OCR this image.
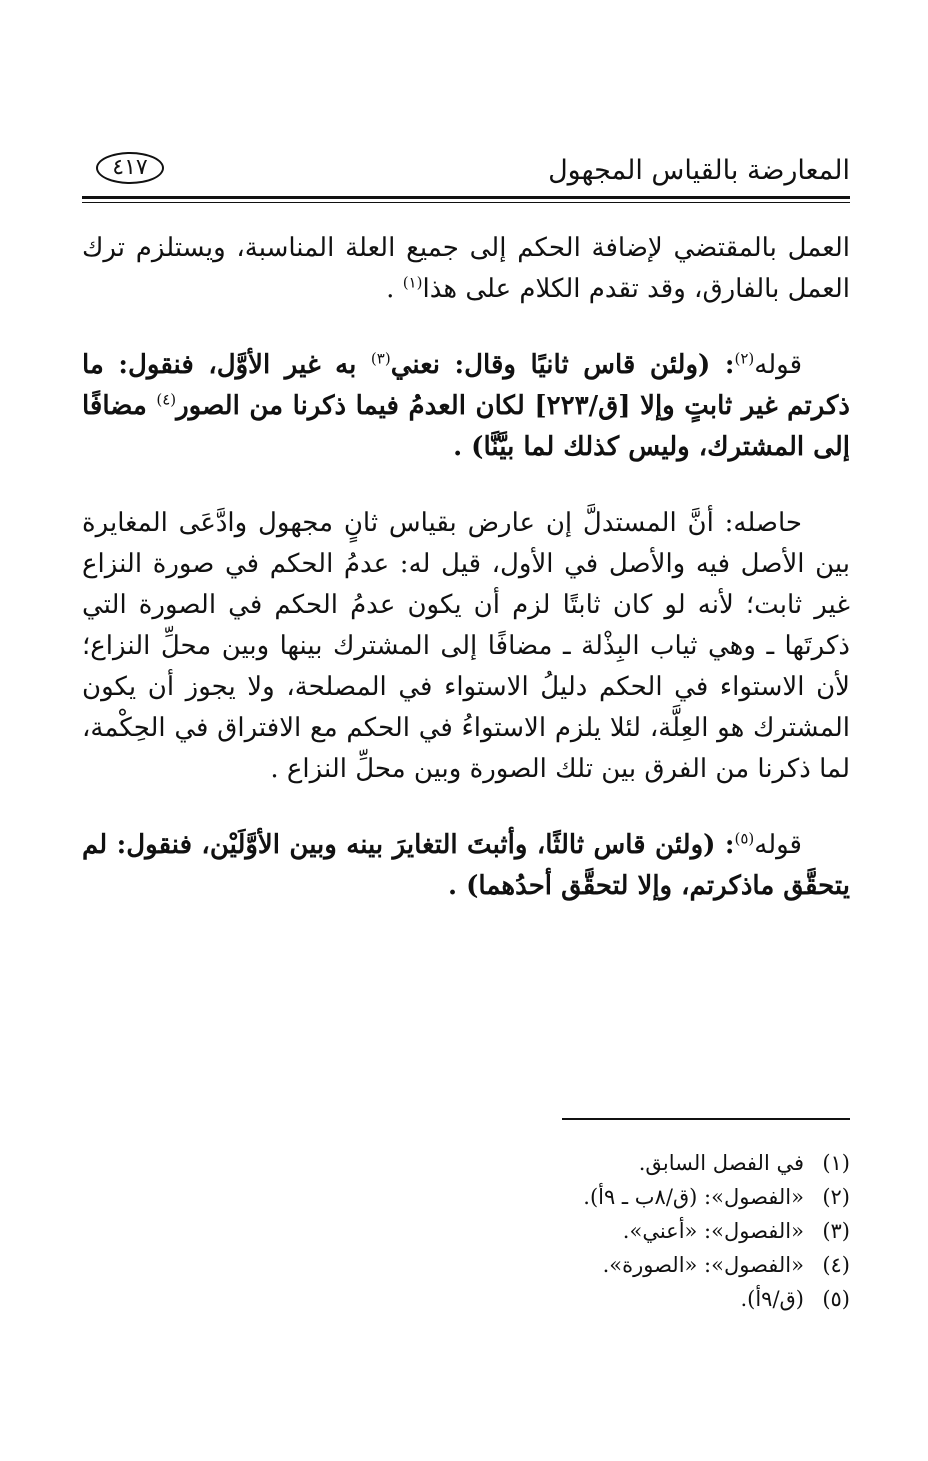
المعارضة بالقياس المجهول
٤١٧

العمل بالمقتضي لإضافة الحكم إلى جميع العلة المناسبة، ويستلزم ترك العمل بالفارق، وقد تقدم الكلام على هذا$^{(١)}$ .

قوله$^{(٢)}$: (ولئن قاس ثانيًا وقال: نعني$^{(٣)}$ به غير الأوَّل، فنقول: ما ذكرتم غير ثابتٍ وإلا [ق/٢٢٣] لكان العدمُ فيما ذكرنا من الصور$^{(٤)}$ مضافًا إلى المشترك، وليس كذلك لما بيَّنَّا) .

حاصله: أنَّ المستدلَّ إن عارض بقياس ثانٍ مجهول وادَّعَى المغايرة بين الأصل فيه والأصل في الأول، قيل له: عدمُ الحكم في صورة النزاع غير ثابت؛ لأنه لو كان ثابتًا لزم أن يكون عدمُ الحكم في الصورة التي ذكرتَها ـ وهي ثياب البِذْلة ـ مضافًا إلى المشترك بينها وبين محلِّ النزاع؛ لأن الاستواء في الحكم دليلُ الاستواء في المصلحة، ولا يجوز أن يكون المشترك هو العِلَّة، لئلا يلزم الاستواءُ في الحكم مع الافتراق في الحِكْمة، لما ذكرنا من الفرق بين تلك الصورة وبين محلِّ النزاع .

قوله$^{(٥)}$: (ولئن قاس ثالثًا، وأثبتَ التغايرَ بينه وبين الأوَّلَيْن، فنقول: لم يتحقَّق ماذكرتم، وإلا لتحقَّق أحدُهما) .

(١)في الفصل السابق.
(٢)«الفصول»: (ق/٨ب ـ ٩أ).
(٣)«الفصول»: «أعني».
(٤)«الفصول»: «الصورة».
(٥)(ق/٩أ).
